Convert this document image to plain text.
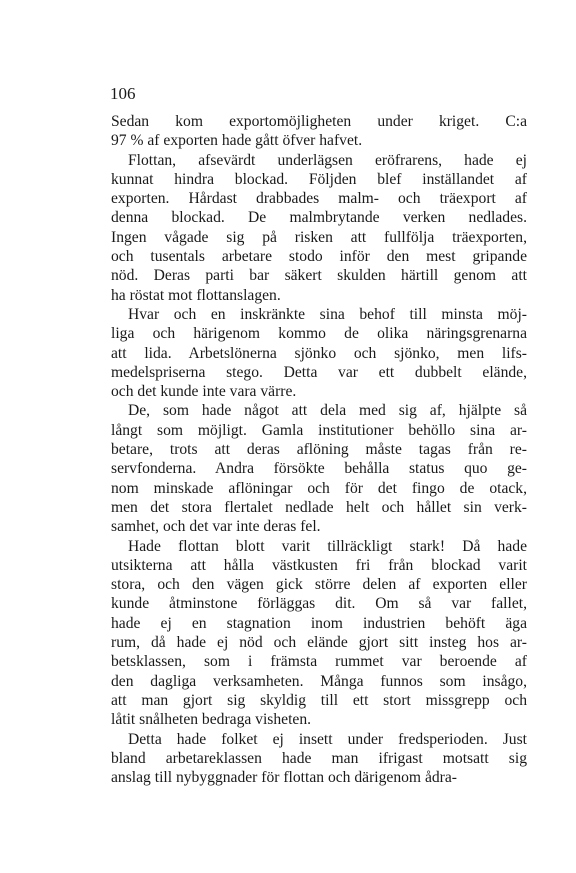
106
Sedan kom exportomöjligheten under kriget. C:a
97 % af exporten hade gått öfver hafvet.
Flottan, afsevärdt underlägsen eröfrarens, hade ej
kunnat hindra blockad. Följden blef inställandet af
exporten. Hårdast drabbades malm- och träexport af
denna blockad. De malmbrytande verken nedlades.
Ingen vågade sig på risken att fullfölja träexporten,
och tusentals arbetare stodo inför den mest gripande
nöd. Deras parti bar säkert skulden härtill genom att
ha röstat mot flottanslagen.
Hvar och en inskränkte sina behof till minsta möj-
liga och härigenom kommo de olika näringsgrenarna
att lida. Arbetslönerna sjönko och sjönko, men lifs-
medelspriserna stego. Detta var ett dubbelt elände,
och det kunde inte vara värre.
De, som hade något att dela med sig af, hjälpte så
långt som möjligt. Gamla institutioner behöllo sina ar-
betare, trots att deras aflöning måste tagas från re-
servfonderna. Andra försökte behålla status quo ge-
nom minskade aflöningar och för det fingo de otack,
men det stora flertalet nedlade helt och hållet sin verk-
samhet, och det var inte deras fel.
Hade flottan blott varit tillräckligt stark! Då hade
utsikterna att hålla västkusten fri från blockad varit
stora, och den vägen gick större delen af exporten eller
kunde åtminstone förläggas dit. Om så var fallet,
hade ej en stagnation inom industrien behöft äga
rum, då hade ej nöd och elände gjort sitt insteg hos ar-
betsklassen, som i främsta rummet var beroende af
den dagliga verksamheten. Många funnos som insågo,
att man gjort sig skyldig till ett stort missgrepp och
låtit snålheten bedraga visheten.
Detta hade folket ej insett under fredsperioden. Just
bland arbetareklassen hade man ifrigast motsatt sig
anslag till nybyggnader för flottan och därigenom ådra-
